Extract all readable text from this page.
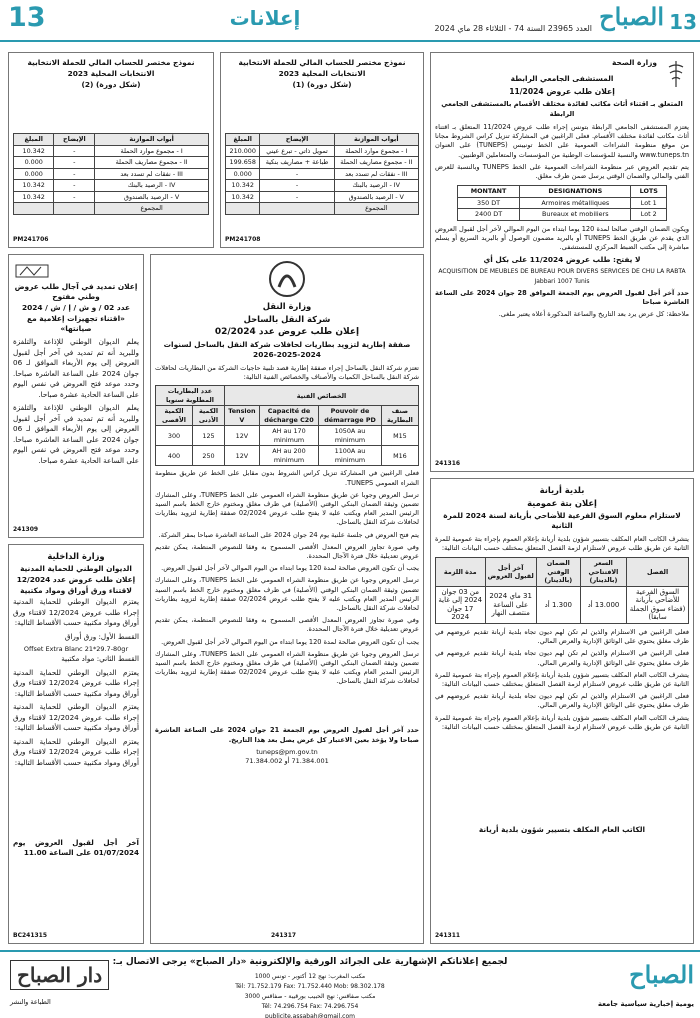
13	إعلانات	الصباح 13
العدد 23965 السنة 74 - الثلاثاء 28 ماي 2024
وزارة الصحة
المستشفى الجامعي الرابطة
إعلان طلب عروض 11/2024
المتعلق بـ اقتناء أثاث مكاتب لفائدة مختلف الأقسام بالمستشفى الجامعي الرابطة

يعتزم المستشفى الجامعي الرابطة بتونس إجراء طلب عروض 11/2024 المتعلق بـ اقتناء أثاث مكاتب لفائدة مختلف الأقسام. فعلى الراغبين في المشاركة تنزيل كراس الشروط مجانا من موقع منظومة الشراءات العمومية على الخط تونيبس (TUNEPS) على العنوان www.tuneps.tn والنسبة للمؤسسات الوطنية من المؤسسات والمتعاملين الوطنيين.

يتم تقديم العروض عبر منظومة الشراءات العمومية على الخط TUNEPS وبالنسبة للعرض الفني والمالي والضمان الوقتي يرسل ضمن ظرف مغلق.

MONTANT	DESIGNATIONS	LOTS
350 DT	Armoires métalliques	Lot 1
2400 DT	Bureaux et mobiliers	Lot 2

ويكون الضمان الوقتي صالحا لمدة 120 يوما ابتداء من اليوم الموالي لآخر أجل لقبول العروض الذي يقدم عن طريق الخط TUNEPS أو بالبريد مضمون الوصول أو بالبريد السريع أو يسلم مباشرة إلى مكتب الضبط المركزي للمستشفى.

لا يفتح: طلب عروض 11/2024 على بكل أي
ACQUISITION DE MEUBLES DE BUREAU POUR DIVERS SERVICES DE CHU LA RABTA
Jabbari 1007 Tunis

حدد آخر أجل لقبول العروض يوم الجمعة الموافق 28 جوان 2024 على الساعة العاشرة صباحا

ملاحظة: كل عرض يرد بعد التاريخ والساعة المذكورة أعلاه يعتبر ملغى.

241316
بلدية أريانة
إعلان بتة عمومية
لاستلزام معلوم السوق الفرعية للأضاحي بأريانة لسنة 2024 للمرة الثانية

يتشرف الكاتب العام المكلف بتسيير شؤون بلدية أريانة بإعلام العموم بإجراء بتة عمومية للمرة الثانية عن طريق طلب عروض لاستلزام لزمة الفصل المتعلق بمختلف حسب البيانات التالية:

الفصل	السعر الافتتاحي (بالدينار)	الضمان الوقتي (بالدينار)	آخر أجل لقبول العروض	مدة اللزمة
السوق الفرعية للأضاحي بأريانة (فضاء سوق الجملة سابقا)	13.000 أد	1.300 أد	31 ماي 2024 على الساعة منتصف النهار	من 03 جوان 2024 إلى غاية 17 جوان 2024

فعلى الراغبين في الاستلزام والذين لم تكن لهم ديون تجاه بلدية أريانة تقديم عروضهم في ظرف مغلق يحتوي على الوثائق الإدارية والعرض المالي.

فعلى الراغبين في الاستلزام والذين لم تكن لهم ديون تجاه بلدية أريانة تقديم عروضهم في ظرف مغلق يحتوي على الوثائق الإدارية والعرض المالي.

يتشرف الكاتب العام المكلف بتسيير شؤون بلدية أريانة بإعلام العموم بإجراء بتة عمومية للمرة الثانية عن طريق طلب عروض لاستلزام لزمة الفصل المتعلق بمختلف حسب البيانات التالية:

فعلى الراغبين في الاستلزام والذين لم تكن لهم ديون تجاه بلدية أريانة تقديم عروضهم في ظرف مغلق يحتوي على الوثائق الإدارية والعرض المالي.

يتشرف الكاتب العام المكلف بتسيير شؤون بلدية أريانة بإعلام العموم بإجراء بتة عمومية للمرة الثانية عن طريق طلب عروض لاستلزام لزمة الفصل المتعلق بمختلف حسب البيانات التالية:

الكاتب العام المكلف بتسيير شؤون بلدية أريانة
241311
نموذج مختصر للحساب المالي للحملة الانتخابية
الانتخابات المحلية 2023
(شكل دورة) (1)
أبواب الموازنة	الإيضاح	المبلغ
I - مجموع موارد الحملة	تمويل ذاتي - تبرع عيني	210.000
II - مجموع مصاريف الحملة	طباعة + مصاريف بنكية	199.658
III - نفقات لم تسدد بعد	-	0.000
IV - الرصيد بالبنك	-	10.342
V - الرصيد بالصندوق	-	10.342
المجموع		
PM241708
نموذج مختصر للحساب المالي للحملة الانتخابية
الانتخابات المحلية 2023
(شكل دورة) (2)
أبواب الموازنة	الإيضاح	المبلغ
I - مجموع موارد الحملة	-	10.342
II - مجموع مصاريف الحملة	-	0.000
III - نفقات لم تسدد بعد	-	0.000
IV - الرصيد بالبنك	-	10.342
V - الرصيد بالصندوق	-	10.342
المجموع		
PM241706
وزارة النقل
شركة النقل بالساحل
إعلان طلب عروض عدد 02/2024
صفقة إطارية لتزويد بطاريات لحافلات شركة النقل بالساحل لسنوات 2024-2025-2026

تعتزم شركة النقل بالساحل إجراء صفقة إطارية قصد تلبية حاجيات الشركة من البطاريات لحافلات شركة النقل بالساحل الكميات والأصناف والخصائص الفنية التالية:

الخصائص الفنية				عدد البطاريات المطلوبة سنويا	
صنف البطارية	Pouvoir de démarrage PD	Capacité de décharge C20	Tension V	الكمية الأدنى	الكمية الأقصى
M15	1050A au minimum	170 AH au minimum	12V	125	300
M16	1100A au minimum	200 AH au minimum	12V	250	400

فعلى الراغبين في المشاركة تنزيل كراس الشروط بدون مقابل على الخط عن طريق منظومة الشراء العمومي TUNEPS.

ترسل العروض وجوبا عن طريق منظومة الشراء العمومي على الخط TUNEPS، وعلى المشارك تضمين وثيقة الضمان البنكي الوقتي (الأصلية) في ظرف مغلق ومختوم خارج الخط باسم السيد الرئيس المدير العام ويكتب عليه لا يفتح طلب عروض 02/2024 صفقة إطارية لتزويد بطاريات لحافلات شركة النقل بالساحل.

يتم فتح العروض في جلسة علنية يوم 24 جوان 2024 على الساعة العاشرة صباحا بمقر الشركة.

وفي صورة تجاوز العروض المعدل الأقصى المسموح به وفقا للنصوص المنظمة، يمكن تقديم عروض تعديلية خلال فترة الآجال المحددة.

يجب أن تكون العروض صالحة لمدة 120 يوما ابتداء من اليوم الموالي لآخر أجل لقبول العروض.

ترسل العروض وجوبا عن طريق منظومة الشراء العمومي على الخط TUNEPS، وعلى المشارك تضمين وثيقة الضمان البنكي الوقتي (الأصلية) في ظرف مغلق ومختوم خارج الخط باسم السيد الرئيس المدير العام ويكتب عليه لا يفتح طلب عروض 02/2024 صفقة إطارية لتزويد بطاريات لحافلات شركة النقل بالساحل.

وفي صورة تجاوز العروض المعدل الأقصى المسموح به وفقا للنصوص المنظمة، يمكن تقديم عروض تعديلية خلال فترة الآجال المحددة.

يجب أن تكون العروض صالحة لمدة 120 يوما ابتداء من اليوم الموالي لآخر أجل لقبول العروض.

ترسل العروض وجوبا عن طريق منظومة الشراء العمومي على الخط TUNEPS، وعلى المشارك تضمين وثيقة الضمان البنكي الوقتي (الأصلية) في ظرف مغلق ومختوم خارج الخط باسم السيد الرئيس المدير العام ويكتب عليه لا يفتح طلب عروض 02/2024 صفقة إطارية لتزويد بطاريات لحافلات شركة النقل بالساحل.

حدد آخر أجل لقبول العروض يوم الجمعة 21 جوان 2024 على الساعة العاشرة صباحا ولا يؤخذ بعين الاعتبار كل عرض يصل بعد هذا التاريخ.

tuneps@pm.gov.tn
71.384.001 أو 71.384.002
241317
إعلان تمديد في آجال طلب عروض وطني مفتوح
عدد 02 / و ش / إ / ش / 2024
«اقتناء تجهيزات إعلامية مع صيانتها»

يعلم الديوان الوطني للإذاعة والتلفزة وللبريد أنه تم تمديد في آخر أجل لقبول العروض إلى يوم الأربعاء الموافق لـ 06 جوان 2024 على الساعة العاشرة صباحا. وحدد موعد فتح العروض في نفس اليوم على الساعة الحادية عشرة صباحا.

يعلم الديوان الوطني للإذاعة والتلفزة وللبريد أنه تم تمديد في آخر أجل لقبول العروض إلى يوم الأربعاء الموافق لـ 06 جوان 2024 على الساعة العاشرة صباحا. وحدد موعد فتح العروض في نفس اليوم على الساعة الحادية عشرة صباحا.

241309
وزارة الداخلية
الديوان الوطني للحماية المدنية
إعلان طلب عروض عدد 12/2024
لاقتناء ورق أوراق ومواد مكتبية

يعتزم الديوان الوطني للحماية المدنية إجراء طلب عروض 12/2024 لاقتناء ورق أوراق ومواد مكتبية حسب الأقساط التالية:

القسط الأول: ورق أوراق

Offset Extra Blanc 21*29.7-80gr

القسط الثاني: مواد مكتبية

يعتزم الديوان الوطني للحماية المدنية إجراء طلب عروض 12/2024 لاقتناء ورق أوراق ومواد مكتبية حسب الأقساط التالية:

يعتزم الديوان الوطني للحماية المدنية إجراء طلب عروض 12/2024 لاقتناء ورق أوراق ومواد مكتبية حسب الأقساط التالية:

يعتزم الديوان الوطني للحماية المدنية إجراء طلب عروض 12/2024 لاقتناء ورق أوراق ومواد مكتبية حسب الأقساط التالية:

آخر أجل لقبول العروض يوم 01/07/2024 على الساعة 11.00

BC241315
الصباح
يومية إخبارية سياسية جامعة
لجميع إعلاناتكم الإشهارية على الجرائد الورقية والإلكترونية «دار الصباح» يرجى الاتصال بـ:
مكتب المغرب: نهج 12 أكتوبر - تونس 1000
Tél: 71.752.179 Fax: 71.752.440 Mob: 98.302.178
مكتب صفاقس: نهج الحبيب بورقيبة - صفاقس 3000
Tél: 74.296.754 Fax: 74.296.754
publicite.assabah@gmail.com
دار الصباح
الطباعة والنشر
